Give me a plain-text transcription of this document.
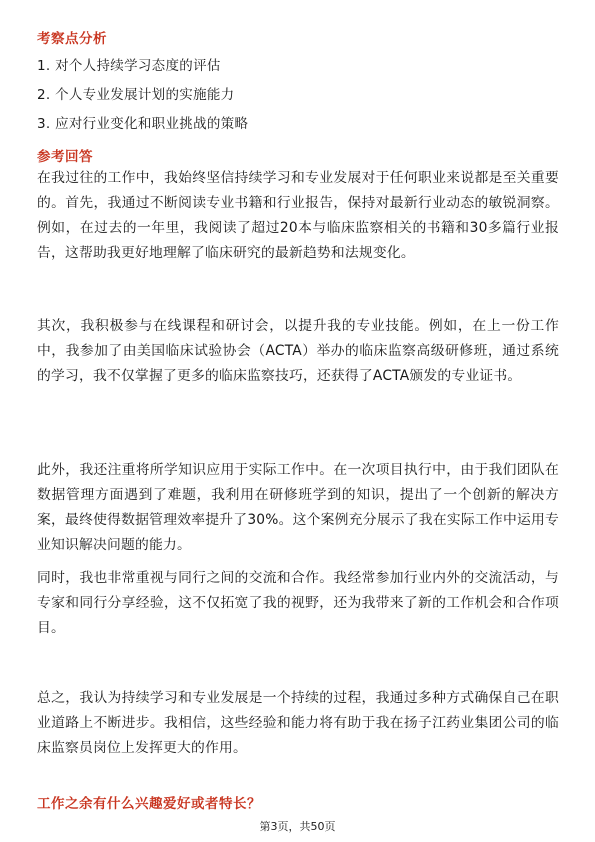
考察点分析
1. 对个人持续学习态度的评估
2. 个人专业发展计划的实施能力
3. 应对行业变化和职业挑战的策略
参考回答
在我过往的工作中，我始终坚信持续学习和专业发展对于任何职业来说都是至关重要的。首先，我通过不断阅读专业书籍和行业报告，保持对最新行业动态的敏锐洞察。例如，在过去的一年里，我阅读了超过20本与临床监察相关的书籍和30多篇行业报告，这帮助我更好地理解了临床研究的最新趋势和法规变化。
其次，我积极参与在线课程和研讨会，以提升我的专业技能。例如，在上一份工作中，我参加了由美国临床试验协会（ACTA）举办的临床监察高级研修班，通过系统的学习，我不仅掌握了更多的临床监察技巧，还获得了ACTA颁发的专业证书。
此外，我还注重将所学知识应用于实际工作中。在一次项目执行中，由于我们团队在数据管理方面遇到了难题，我利用在研修班学到的知识，提出了一个创新的解决方案，最终使得数据管理效率提升了30%。这个案例充分展示了我在实际工作中运用专业知识解决问题的能力。
同时，我也非常重视与同行之间的交流和合作。我经常参加行业内外的交流活动，与专家和同行分享经验，这不仅拓宽了我的视野，还为我带来了新的工作机会和合作项目。
总之，我认为持续学习和专业发展是一个持续的过程，我通过多种方式确保自己在职业道路上不断进步。我相信，这些经验和能力将有助于我在扬子江药业集团公司的临床监察员岗位上发挥更大的作用。
工作之余有什么兴趣爱好或者特长？
第3页，共50页
